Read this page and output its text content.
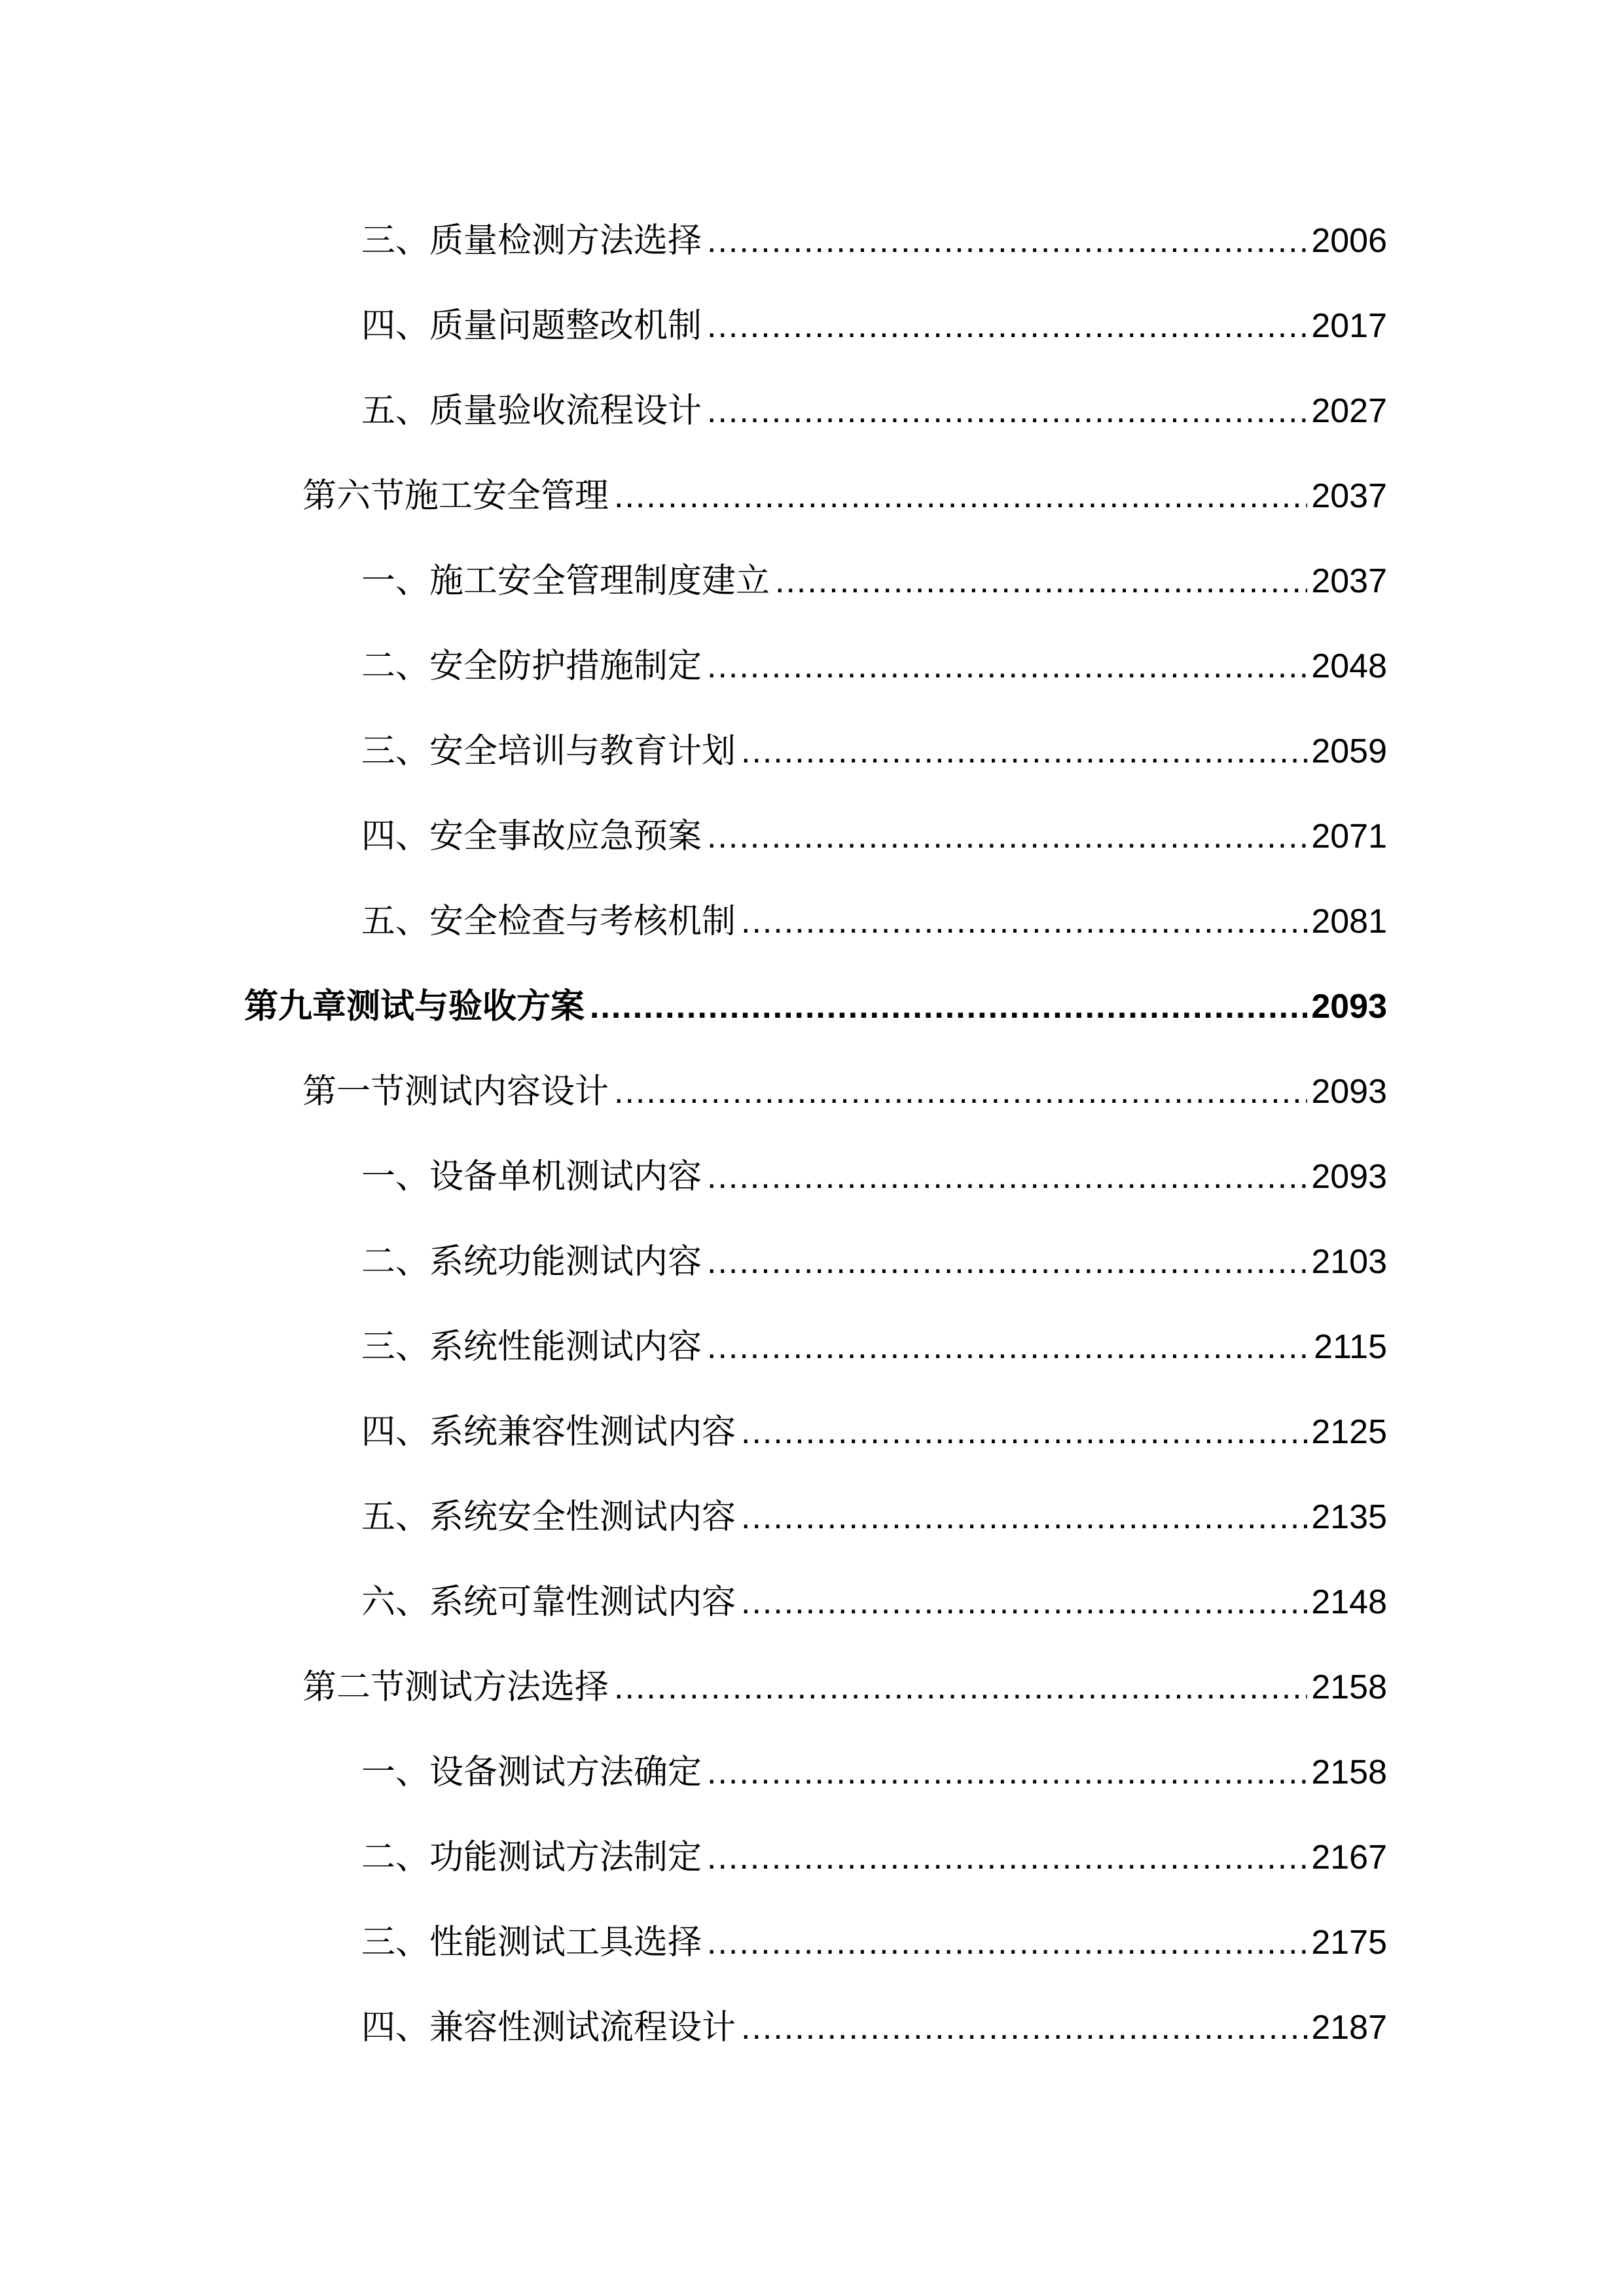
三、质量检测方法选择 .....	2006
四、质量问题整改机制 .....	2017
五、质量验收流程设计 .....	2027
第六节施工安全管理 .....	2037
一、施工安全管理制度建立 .....	2037
二、安全防护措施制定 .....	2048
三、安全培训与教育计划 .....	2059
四、安全事故应急预案 .....	2071
五、安全检查与考核机制 .....	2081
第九章测试与验收方案 .....	2093
第一节测试内容设计 .....	2093
一、设备单机测试内容 .....	2093
二、系统功能测试内容 .....	2103
三、系统性能测试内容 .....	2115
四、系统兼容性测试内容 .....	2125
五、系统安全性测试内容 .....	2135
六、系统可靠性测试内容 .....	2148
第二节测试方法选择 .....	2158
一、设备测试方法确定 .....	2158
二、功能测试方法制定 .....	2167
三、性能测试工具选择 .....	2175
四、兼容性测试流程设计 .....	2187
